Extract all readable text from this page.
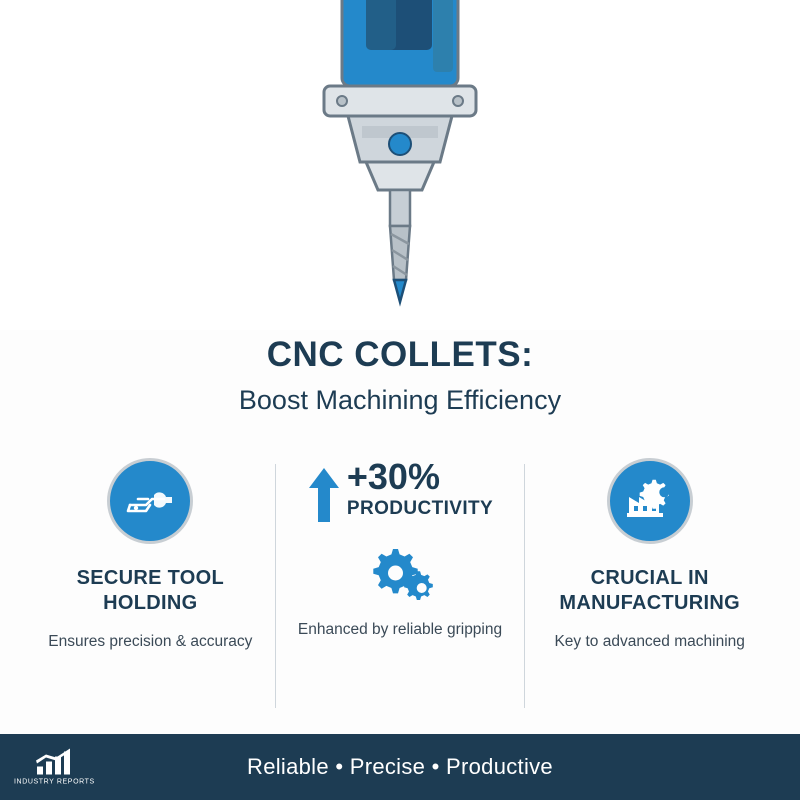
CNC COLLETS:
Boost Machining Efficiency
SECURE TOOL HOLDING
Ensures precision & accuracy
+30%
PRODUCTIVITY
Enhanced by reliable gripping
CRUCIAL IN MANUFACTURING
Key to advanced machining
INDUSTRY REPORTS
Reliable • Precise • Productive
